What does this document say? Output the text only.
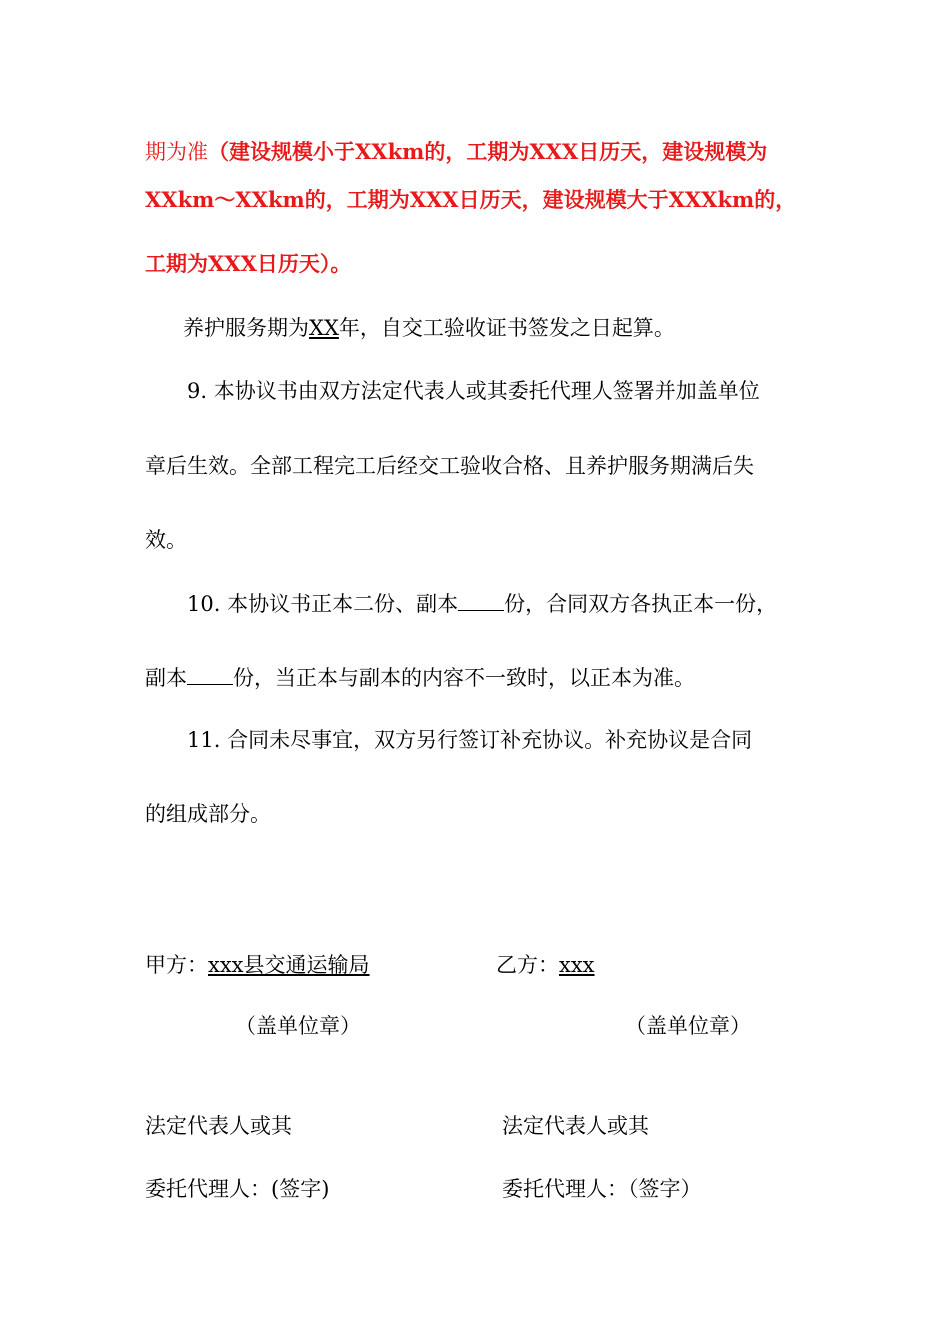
期为准（建设规模小于XXkm的，工期为XXX日历天，建设规模为
XXkm～XXkm的，工期为XXX日历天，建设规模大于XXXkm的，
工期为XXX日历天）。
养护服务期为XX年，自交工验收证书签发之日起算。
9. 本协议书由双方法定代表人或其委托代理人签署并加盖单位
章后生效。全部工程完工后经交工验收合格、且养护服务期满后失
效。
10. 本协议书正本二份、副本 份，合同双方各执正本一份，
副本 份，当正本与副本的内容不一致时，以正本为准。
11. 合同未尽事宜，双方另行签订补充协议。补充协议是合同
的组成部分。
甲方：xxx县交通运输局	乙方：xxx
（盖单位章）	（盖单位章）
法定代表人或其	法定代表人或其
委托代理人：(签字)	委托代理人：（签字）
